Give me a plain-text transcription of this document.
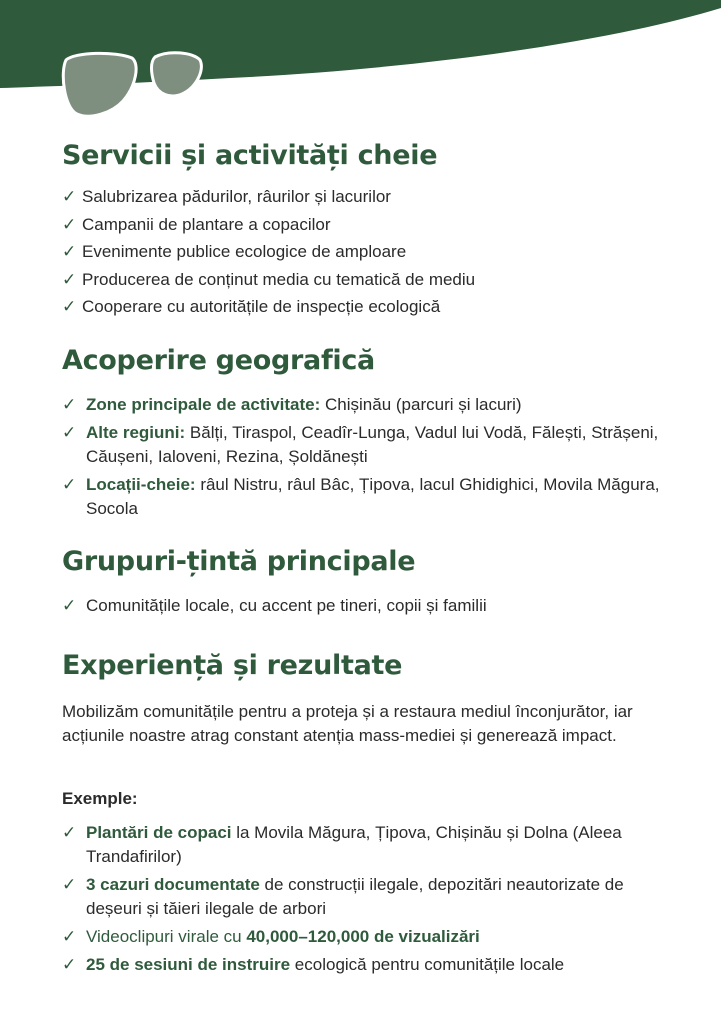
Servicii și activități cheie
✓ Salubrizarea pădurilor, râurilor și lacurilor
✓ Campanii de plantare a copacilor
✓ Evenimente publice ecologice de amploare
✓ Producerea de conținut media cu tematică de mediu
✓ Cooperare cu autoritățile de inspecție ecologică
Acoperire geografică
✓ Zone principale de activitate: Chișinău (parcuri și lacuri)
✓ Alte regiuni: Bălți, Tiraspol, Ceadîr-Lunga, Vadul lui Vodă, Fălești, Strășeni, Căușeni, Ialoveni, Rezina, Șoldănești
✓ Locații-cheie: râul Nistru, râul Bâc, Țipova, lacul Ghidighici, Movila Măgura, Socola
Grupuri-țintă principale
✓ Comunitățile locale, cu accent pe tineri, copii și familii
Experiență și rezultate

Mobilizăm comunitățile pentru a proteja și a restaura mediul înconjurător, iar acțiunile noastre atrag constant atenția mass-mediei și generează impact.

Exemple:

✓ Plantări de copaci la Movila Măgura, Țipova, Chișinău și Dolna (Aleea Trandafirilor)
✓ 3 cazuri documentate de construcții ilegale, depozitări neautorizate de deșeuri și tăieri ilegale de arbori
✓ Videoclipuri virale cu 40,000–120,000 de vizualizări
✓ 25 de sesiuni de instruire ecologică pentru comunitățile locale
